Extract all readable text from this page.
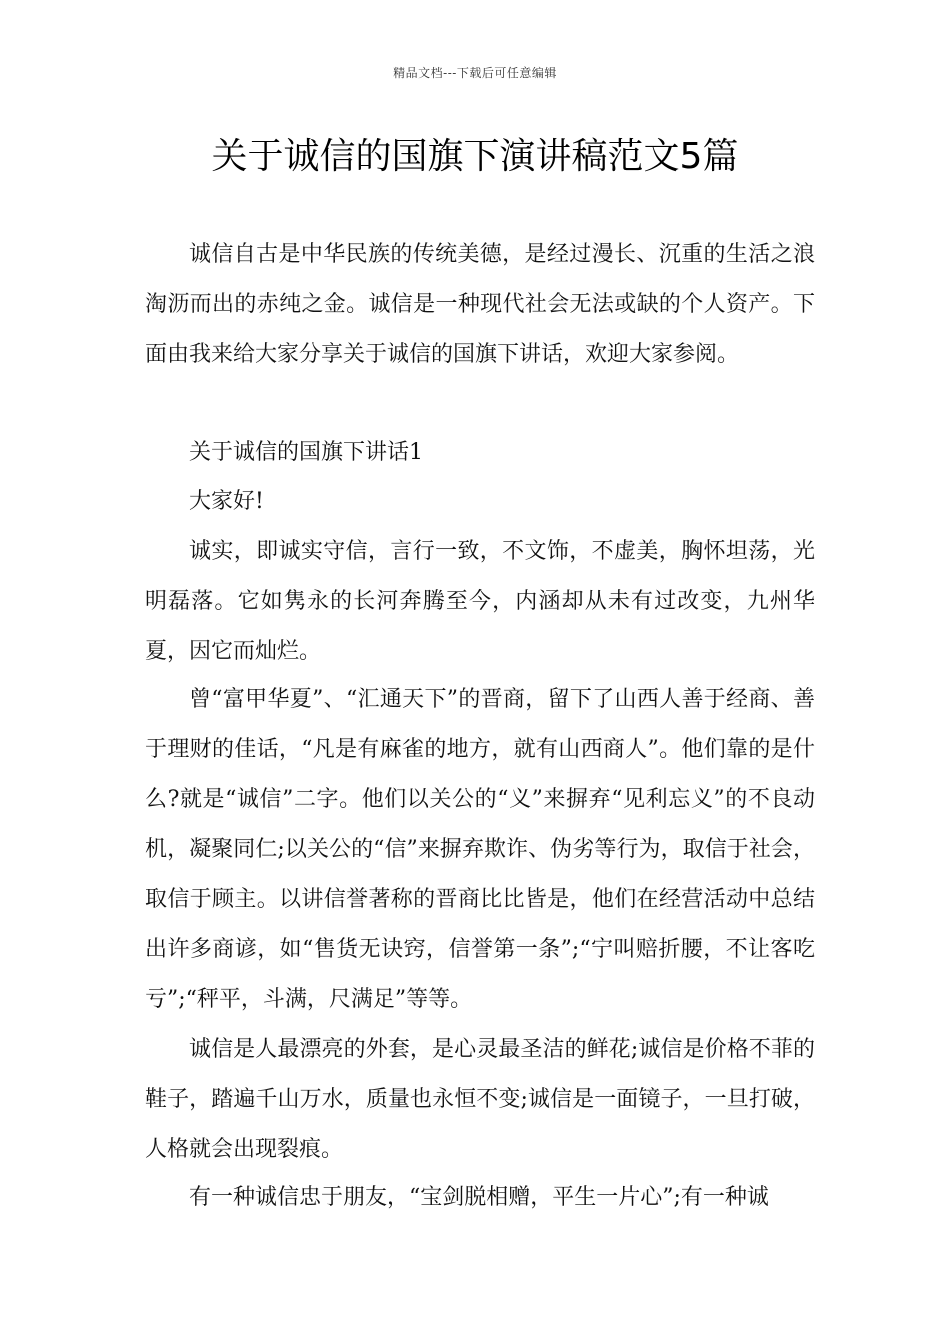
精品文档---下载后可任意编辑
关于诚信的国旗下演讲稿范文5篇

诚信自古是中华民族的传统美德，是经过漫长、沉重的生活之浪淘沥而出的赤纯之金。诚信是一种现代社会无法或缺的个人资产。下面由我来给大家分享关于诚信的国旗下讲话，欢迎大家参阅。

关于诚信的国旗下讲话1

大家好!

诚实，即诚实守信，言行一致，不文饰，不虚美，胸怀坦荡，光明磊落。它如隽永的长河奔腾至今，内涵却从未有过改变，九州华夏，因它而灿烂。

曾“富甲华夏”、“汇通天下”的晋商，留下了山西人善于经商、善于理财的佳话，“凡是有麻雀的地方，就有山西商人”。他们靠的是什么?就是“诚信”二字。他们以关公的“义”来摒弃“见利忘义”的不良动机，凝聚同仁;以关公的“信”来摒弃欺诈、伪劣等行为，取信于社会，取信于顾主。以讲信誉著称的晋商比比皆是，他们在经营活动中总结出许多商谚，如“售货无诀窍，信誉第一条”;“宁叫赔折腰，不让客吃亏”;“秤平，斗满，尺满足”等等。

诚信是人最漂亮的外套，是心灵最圣洁的鲜花;诚信是价格不菲的鞋子，踏遍千山万水，质量也永恒不变;诚信是一面镜子，一旦打破，人格就会出现裂痕。

有一种诚信忠于朋友，“宝剑脱相赠，平生一片心”;有一种诚
